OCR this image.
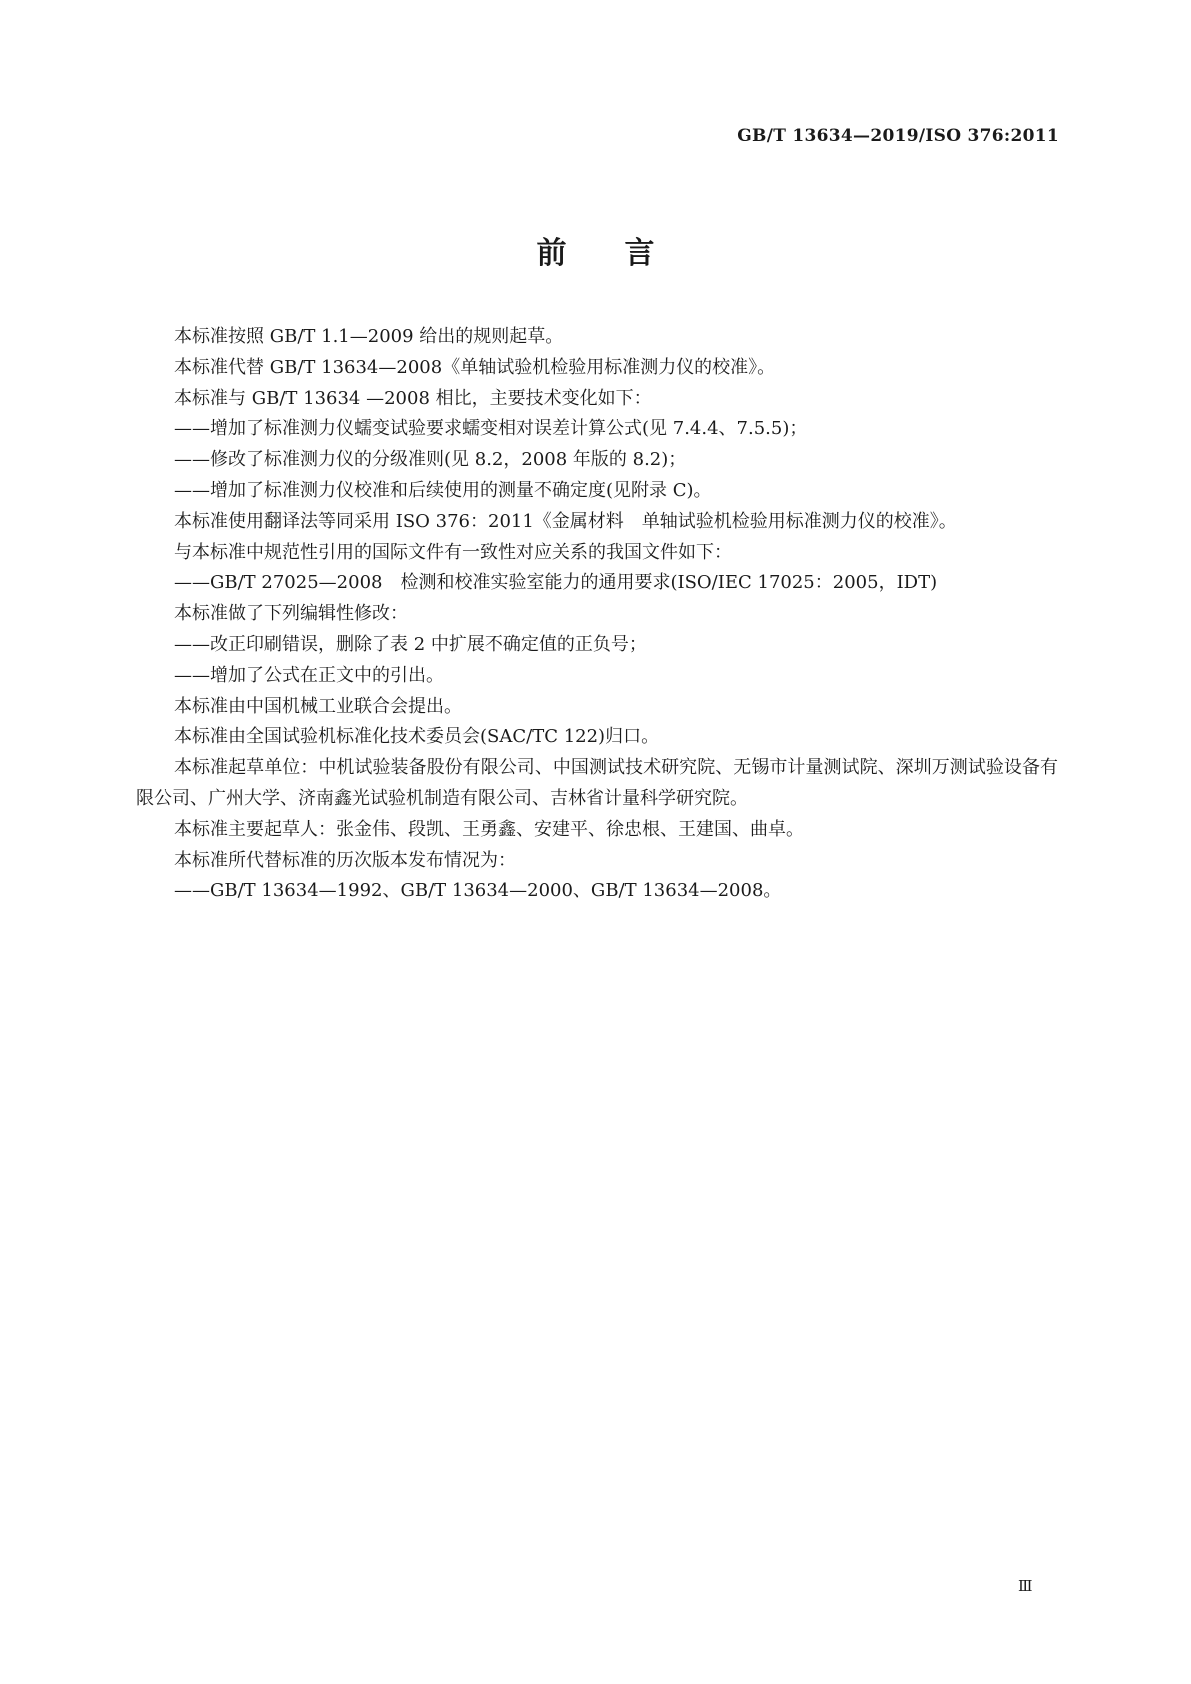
GB/T 13634—2019/ISO 376:2011
前言

本标准按照 GB/T 1.1—2009 给出的规则起草。

本标准代替 GB/T 13634—2008《单轴试验机检验用标准测力仪的校准》。

本标准与 GB/T 13634 —2008 相比，主要技术变化如下：

——增加了标准测力仪蠕变试验要求蠕变相对误差计算公式(见 7.4.4、7.5.5)；

——修改了标准测力仪的分级准则(见 8.2，2008 年版的 8.2)；

——增加了标准测力仪校准和后续使用的测量不确定度(见附录 C)。

本标准使用翻译法等同采用 ISO 376：2011《金属材料　单轴试验机检验用标准测力仪的校准》。

与本标准中规范性引用的国际文件有一致性对应关系的我国文件如下：

——GB/T 27025—2008　检测和校准实验室能力的通用要求(ISO/IEC 17025：2005，IDT)

本标准做了下列编辑性修改：

——改正印刷错误，删除了表 2 中扩展不确定值的正负号；

——增加了公式在正文中的引出。

本标准由中国机械工业联合会提出。

本标准由全国试验机标准化技术委员会(SAC/TC 122)归口。

本标准起草单位：中机试验装备股份有限公司、中国测试技术研究院、无锡市计量测试院、深圳万测试验设备有限公司、广州大学、济南鑫光试验机制造有限公司、吉林省计量科学研究院。

本标准主要起草人：张金伟、段凯、王勇鑫、安建平、徐忠根、王建国、曲卓。

本标准所代替标准的历次版本发布情况为：

——GB/T 13634—1992、GB/T 13634—2000、GB/T 13634—2008。

Ⅲ
